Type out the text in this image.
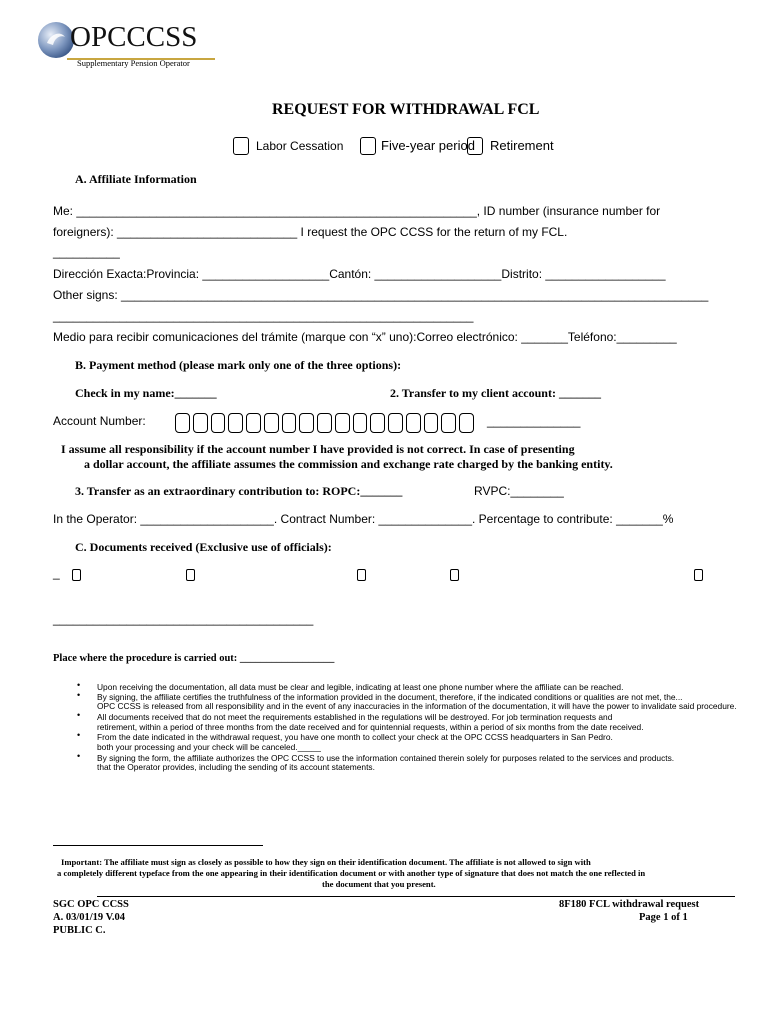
OPCCCSS
Supplementary Pension Operator
REQUEST FOR WITHDRAWAL FCL
Labor Cessation	Five-year period Retirement
A. Affiliate Information
Me: ____________________________________________________________, ID number (insurance number for
foreigners): ___________________________ I request the OPC CCSS for the return of my FCL.
__________
Dirección Exacta:Provincia: ___________________Cantón: ___________________Distrito: __________________
Other signs: ________________________________________________________________________________________
_______________________________________________________________
Medio para recibir comunicaciones del trámite (marque con “x” uno):Correo electrónico: _______Teléfono:_________
B. Payment method (please mark only one of the three options):
Check in my name:_______	2. Transfer to my client account: _______
Account Number:	______________
I assume all responsibility if the account number I have provided is not correct. In case of presenting
a dollar account, the affiliate assumes the commission and exchange rate charged by the banking entity.
3. Transfer as an extraordinary contribution to: ROPC:_______	RVPC:________
In the Operator: ____________________. Contract Number: ______________. Percentage to contribute: _______%
C. Documents received (Exclusive use of officials):
_
_______________________________________
Place where the procedure is carried out: __________________
• Upon receiving the documentation, all data must be clear and legible, indicating at least one phone number where the affiliate can be reached.
• By signing, the affiliate certifies the truthfulness of the information provided in the document, therefore, if the indicated conditions or qualities are not met, the...
OPC CCSS is released from all responsibility and in the event of any inaccuracies in the information of the documentation, it will have the power to invalidate said procedure.
• All documents received that do not meet the requirements established in the regulations will be destroyed. For job termination requests and
retirement, within a period of three months from the date received and for quintennial requests, within a period of six months from the date received.
• From the date indicated in the withdrawal request, you have one month to collect your check at the OPC CCSS headquarters in San Pedro.
both your processing and your check will be canceled._____
• By signing the form, the affiliate authorizes the OPC CCSS to use the information contained therein solely for purposes related to the services and products.
that the Operator provides, including the sending of its account statements.
Important: The affiliate must sign as closely as possible to how they sign on their identification document. The affiliate is not allowed to sign with
a completely different typeface from the one appearing in their identification document or with another type of signature that does not match the one reflected in
the document that you present.
SGC OPC CCSS
A. 03/01/19 V.04
PUBLIC C.
8F180 FCL withdrawal request
Page 1 of 1
